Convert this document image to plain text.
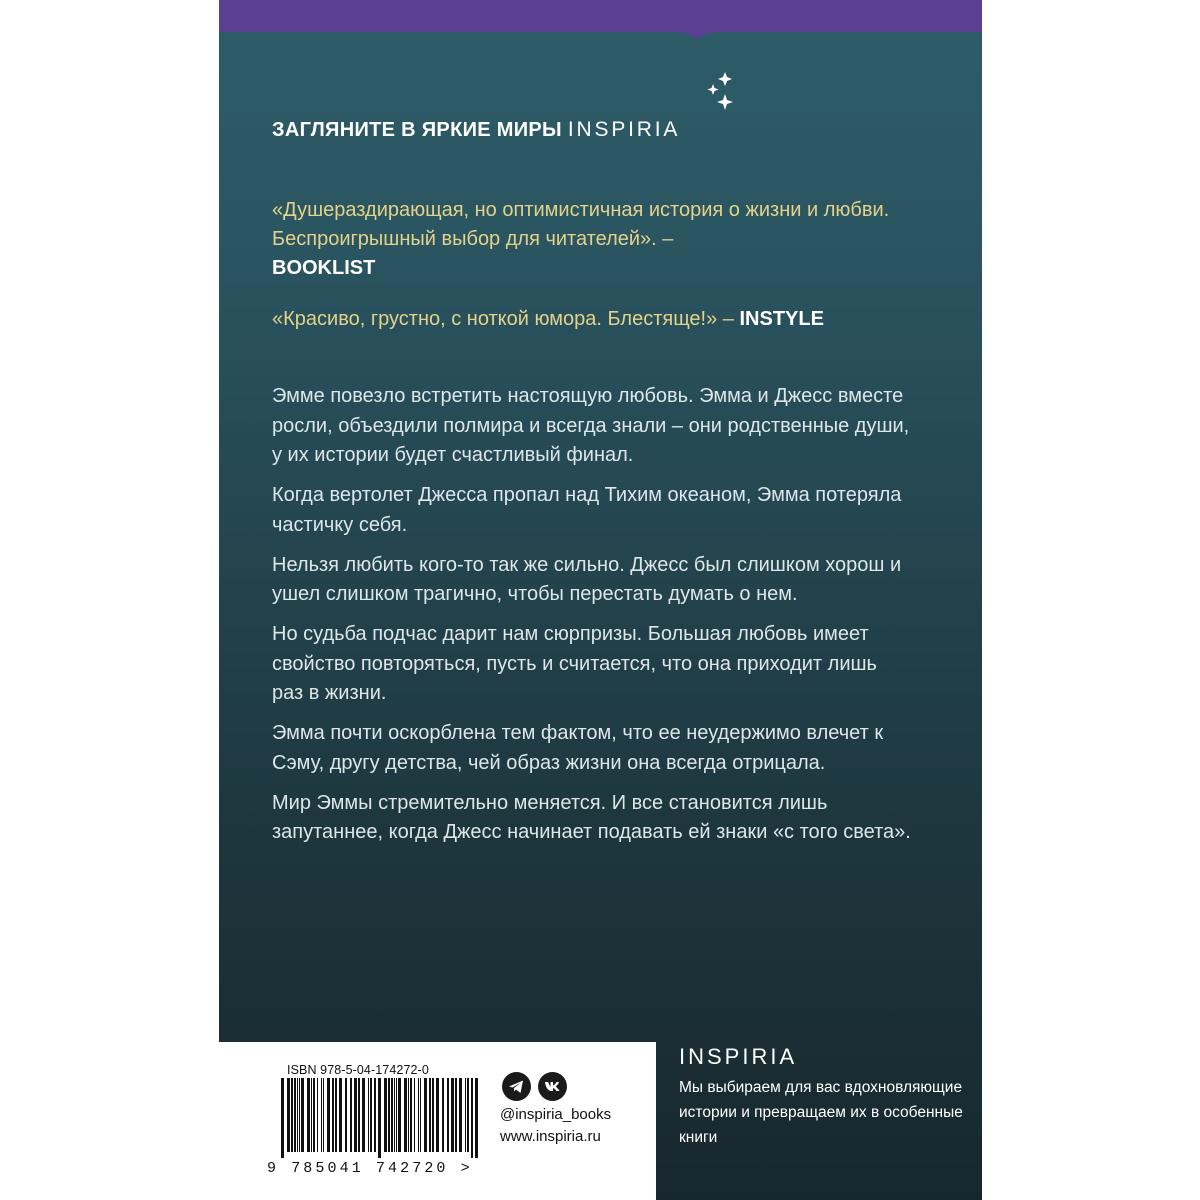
ЗАГЛЯНИТЕ В ЯРКИЕ МИРЫ INSPIRIA
«Душераздирающая, но оптимистичная история о жизни и любви. Беспроигрышный выбор для читателей». –
BOOKLIST
«Красиво, грустно, с ноткой юмора. Блестяще!» – INSTYLE

Эмме повезло встретить настоящую любовь. Эмма и Джесс вместе росли, объездили полмира и всегда знали – они родственные души, у их истории будет счастливый финал.

Когда вертолет Джесса пропал над Тихим океаном, Эмма потеряла частичку себя.

Нельзя любить кого-то так же сильно. Джесс был слишком хорош и ушел слишком трагично, чтобы перестать думать о нем.

Но судьба подчас дарит нам сюрпризы. Большая любовь имеет свойство повторяться, пусть и считается, что она приходит лишь раз в жизни.

Эмма почти оскорблена тем фактом, что ее неудержимо влечет к Сэму, другу детства, чей образ жизни она всегда отрицала.

Мир Эммы стремительно меняется. И все становится лишь запутаннее, когда Джесс начинает подавать ей знаки «с того света».

ISBN 978-5-04-174272-0
9 785041 742720 >
@inspiria_books
www.inspiria.ru
INSPIRIA
Мы выбираем для вас вдохновляющие истории и превращаем их в особенные книги
